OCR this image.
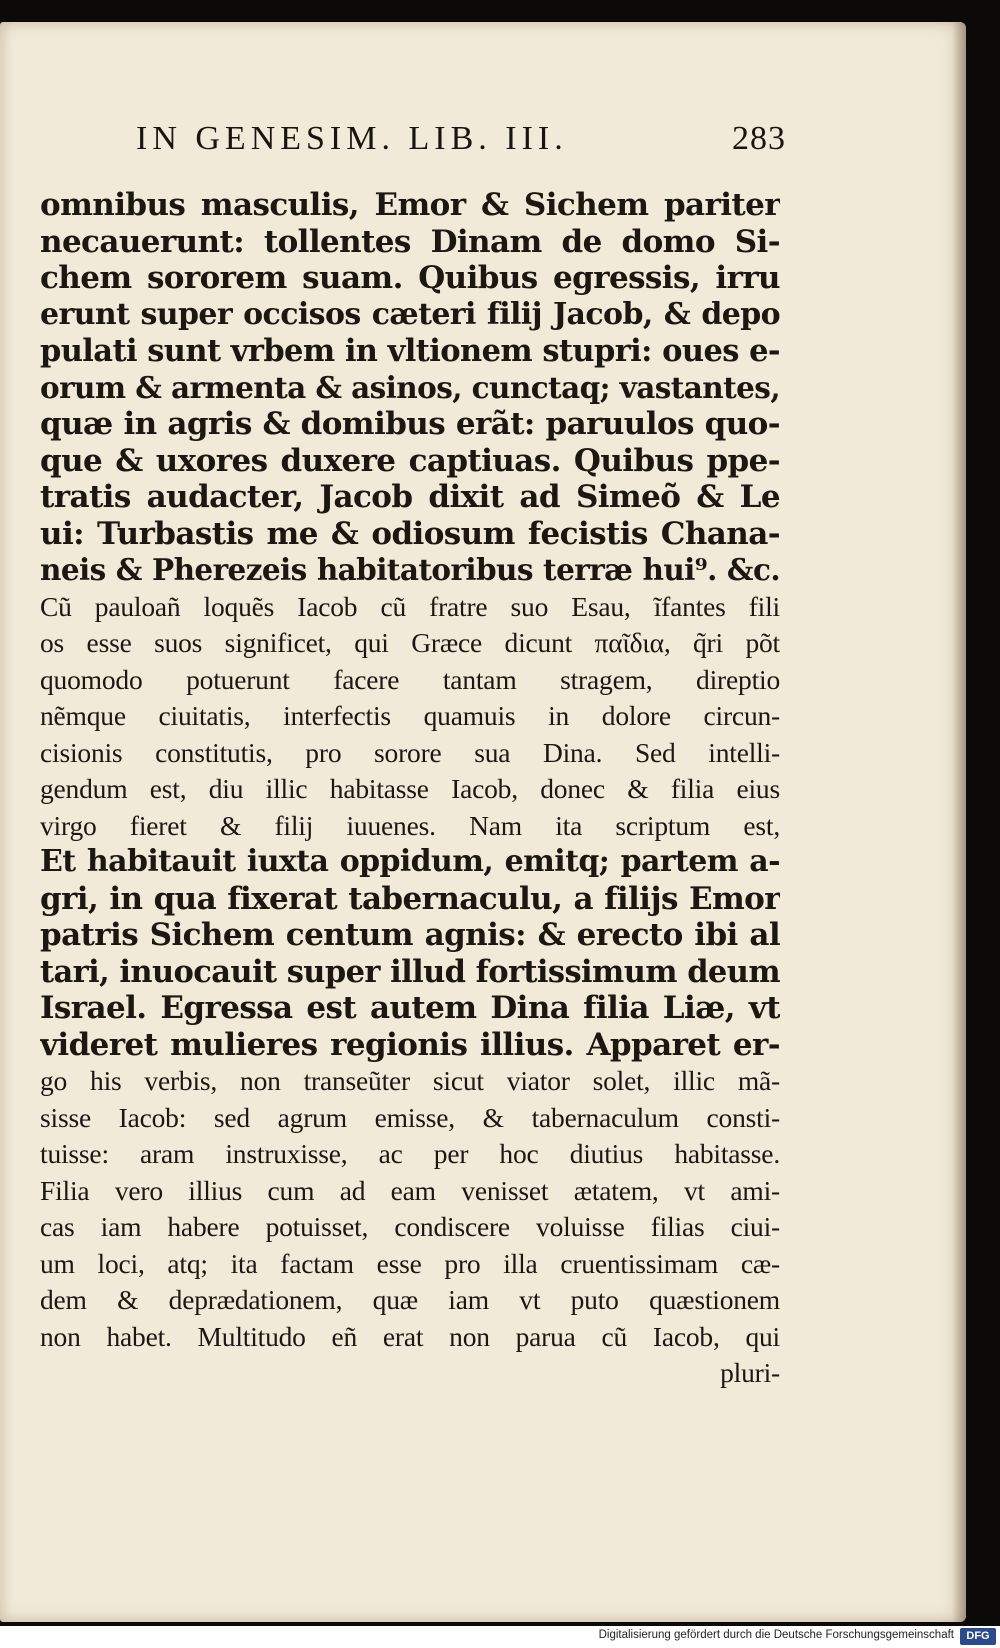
IN GENESIM. LIB. III.	283
omnibus masculis, Emor & Sichem pariter
necauerunt: tollentes Dinam de domo Si-
chem sororem suam. Quibus egressis, irru
erunt super occisos cæteri filij Jacob, & depo
pulati sunt vrbem in vltionem stupri: oues e-
orum & armenta & asinos, cunctaq; vastantes,
quæ in agris & domibus erãt: paruulos quo-
que & uxores duxere captiuas. Quibus ppe-
tratis audacter, Jacob dixit ad Simeõ & Le
ui: Turbastis me & odiosum fecistis Chana-
neis & Pherezeis habitatoribus terræ hui⁹. &c.
Cũ pauloañ loquẽs Iacob cũ fratre suo Esau, ĩfantes fili
os esse suos significet, qui Græce dicunt παῖδια, q̃ri põt
quomodo potuerunt facere tantam stragem, direptio
nẽmque ciuitatis, interfectis quamuis in dolore circun-
cisionis constitutis, pro sorore sua Dina. Sed intelli-
gendum est, diu illic habitasse Iacob, donec & filia eius
virgo fieret & filij iuuenes. Nam ita scriptum est,
Et habitauit iuxta oppidum, emitq; partem a-
gri, in qua fixerat tabernaculu, a filijs Emor
patris Sichem centum agnis: & erecto ibi al
tari, inuocauit super illud fortissimum deum
Israel. Egressa est autem Dina filia Liæ, vt
videret mulieres regionis illius. Apparet er-
go his verbis, non transeũter sicut viator solet, illic mã-
sisse Iacob: sed agrum emisse, & tabernaculum consti-
tuisse: aram instruxisse, ac per hoc diutius habitasse.
Filia vero illius cum ad eam venisset ætatem, vt ami-
cas iam habere potuisset, condiscere voluisse filias ciui-
um loci, atq; ita factam esse pro illa cruentissimam cæ-
dem & deprædationem, quæ iam vt puto quæstionem
non habet. Multitudo eñ erat non parua cũ Iacob, qui
pluri-
Digitalisierung gefördert durch die Deutsche Forschungsgemeinschaft	DFG
